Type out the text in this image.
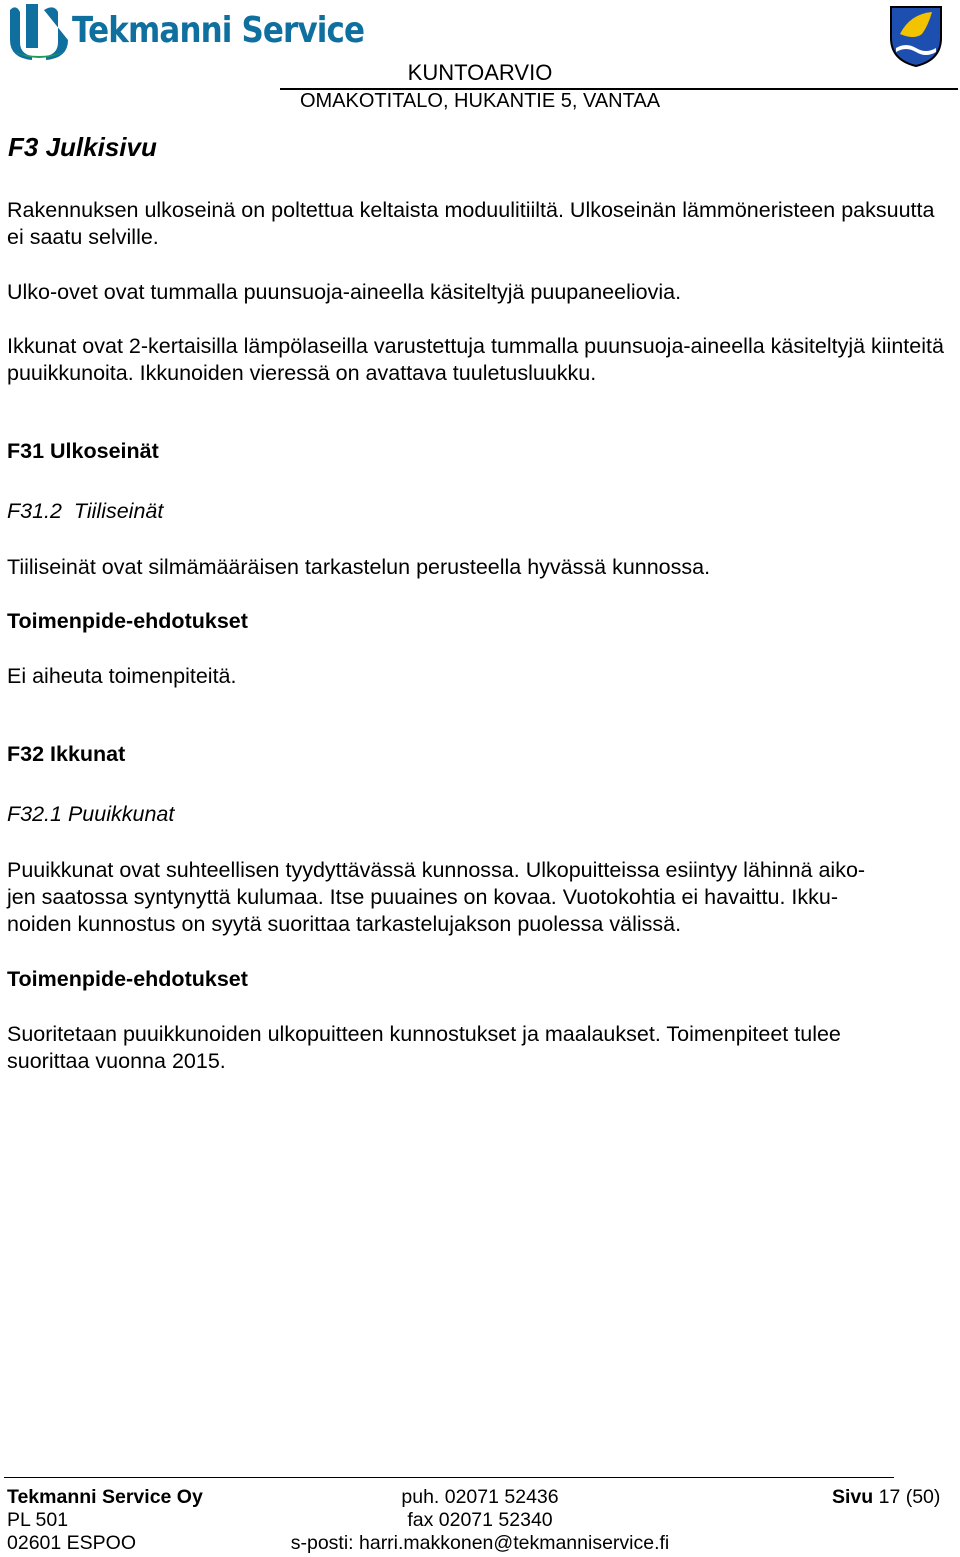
Tekmanni Service
KUNTOARVIO
OMAKOTITALO, HUKANTIE 5, VANTAA
F3 Julkisivu
Rakennuksen ulkoseinä on poltettua keltaista moduulitiiltä. Ulkoseinän lämmöneristeen paksuutta ei saatu selville.
Ulko-ovet ovat tummalla puunsuoja-aineella käsiteltyjä puupaneeliovia.
Ikkunat ovat 2-kertaisilla lämpölaseilla varustettuja tummalla puunsuoja-aineella käsiteltyjä kiinteitä puuikkunoita. Ikkunoiden vieressä on avattava tuuletusluukku.
F31 Ulkoseinät
F31.2  Tiiliseinät
Tiiliseinät ovat silmämääräisen tarkastelun perusteella hyvässä kunnossa.
Toimenpide-ehdotukset
Ei aiheuta toimenpiteitä.
F32 Ikkunat
F32.1 Puuikkunat
Puuikkunat ovat suhteellisen tyydyttävässä kunnossa. Ulkopuitteissa esiintyy lähinnä aiko-
jen saatossa syntynyttä kulumaa. Itse puuaines on kovaa. Vuotokohtia ei havaittu. Ikku-
noiden kunnostus on syytä suorittaa tarkastelujakson puolessa välissä.
Toimenpide-ehdotukset
Suoritetaan puuikkunoiden ulkopuitteen kunnostukset ja maalaukset. Toimenpiteet tulee
suorittaa vuonna 2015.
Tekmanni Service Oy
PL 501
02601 ESPOO
puh. 02071 52436
fax 02071 52340
s-posti: harri.makkonen@tekmanniservice.fi
Sivu 17 (50)
